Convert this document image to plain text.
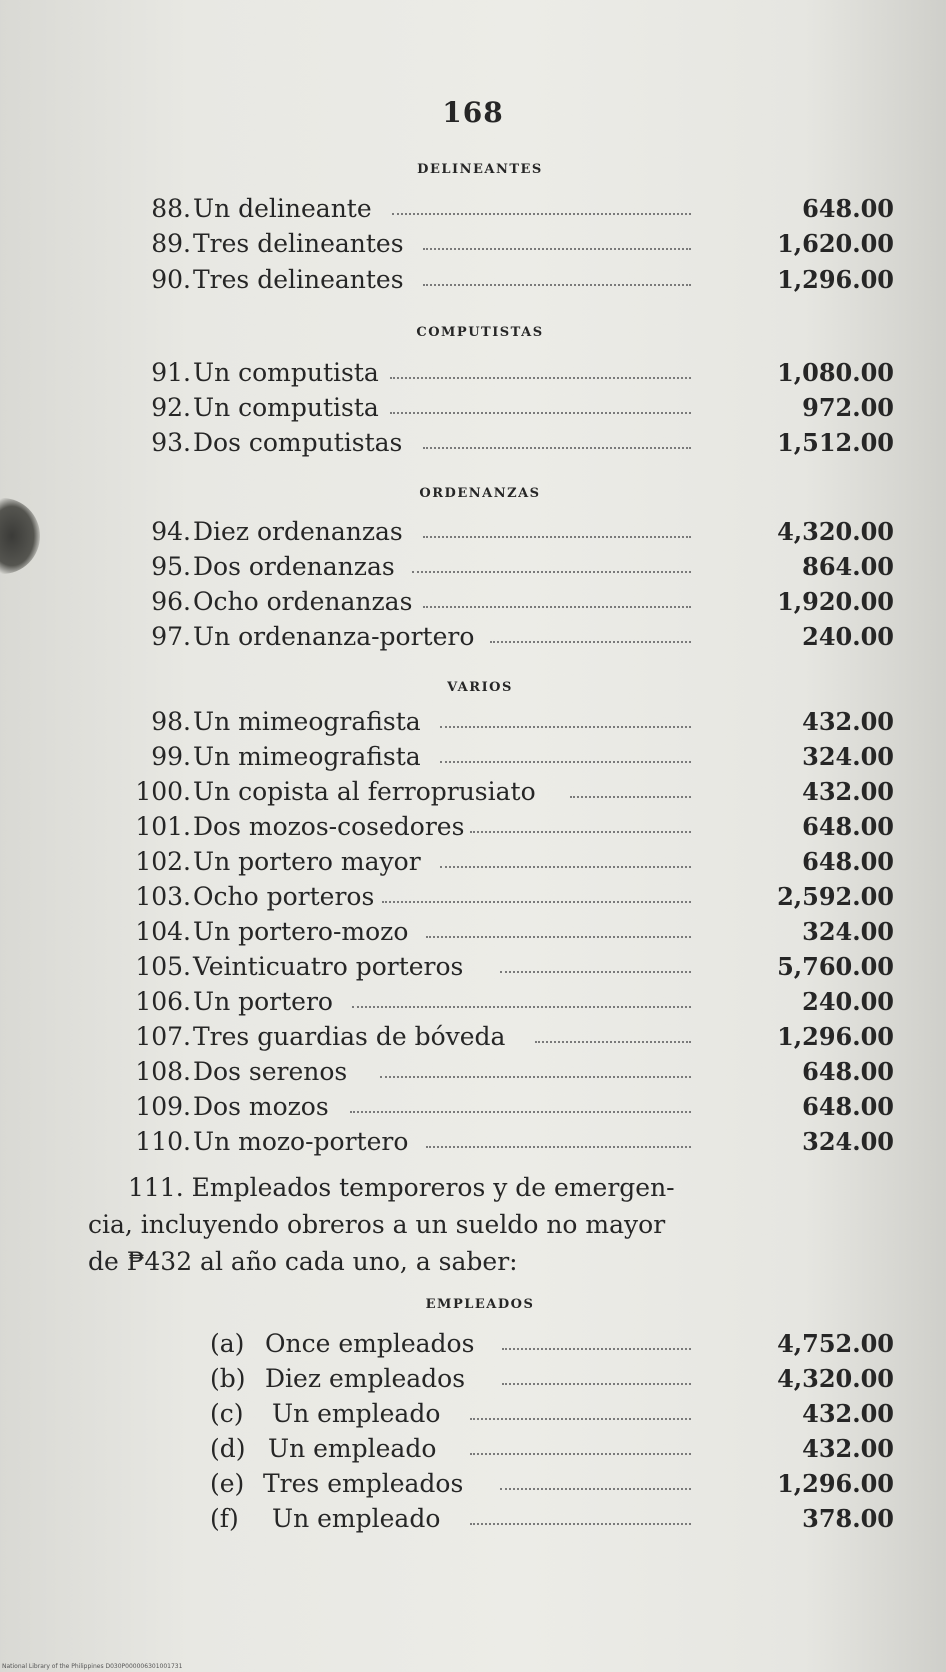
168
DELINEANTES
88. Un delineante	648.00
89. Tres delineantes	1,620.00
90. Tres delineantes	1,296.00
COMPUTISTAS
91. Un computista	1,080.00
92. Un computista	972.00
93. Dos computistas	1,512.00
ORDENANZAS
94. Diez ordenanzas	4,320.00
95. Dos ordenanzas	864.00
96. Ocho ordenanzas	1,920.00
97. Un ordenanza-portero	240.00
VARIOS
98. Un mimeografista	432.00
99. Un mimeografista	324.00
100. Un copista al ferroprusiato	432.00
101. Dos mozos-cosedores	648.00
102. Un portero mayor	648.00
103. Ocho porteros	2,592.00
104. Un portero-mozo	324.00
105. Veinticuatro porteros	5,760.00
106. Un portero	240.00
107. Tres guardias de bóveda	1,296.00
108. Dos serenos	648.00
109. Dos mozos	648.00
110. Un mozo-portero	324.00
111. Empleados temporeros y de emergen-
cia, incluyendo obreros a un sueldo no mayor
de ₱432 al año cada uno, a saber:
EMPLEADOS
(a) Once empleados	4,752.00
(b) Diez empleados	4,320.00
(c) Un empleado	432.00
(d) Un empleado	432.00
(e) Tres empleados	1,296.00
(f) Un empleado	378.00
National Library of the Philippines D030P000006301001731
